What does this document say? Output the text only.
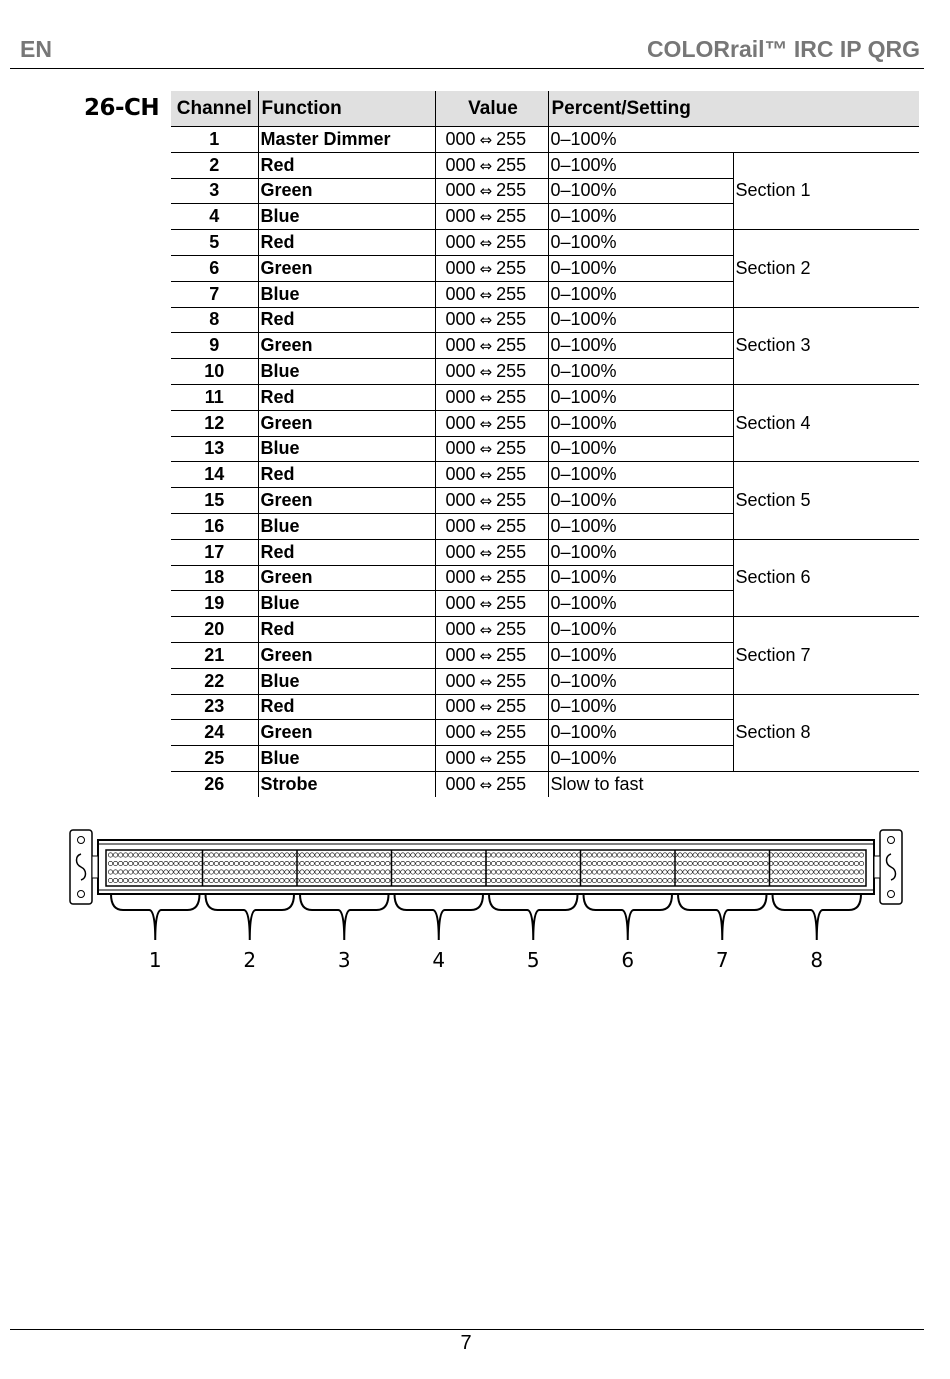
EN	COLORrail™ IRC IP QRG
26-CH Channel	Function	Value	Percent/Setting	
1	Master Dimmer	000 ⇔ 255	0–100%	
2	Red	000 ⇔ 255	0–100%	Section 1
3	Green	000 ⇔ 255	0–100%	
4	Blue	000 ⇔ 255	0–100%	
5	Red	000 ⇔ 255	0–100%	Section 2
6	Green	000 ⇔ 255	0–100%	
7	Blue	000 ⇔ 255	0–100%	
8	Red	000 ⇔ 255	0–100%	Section 3
9	Green	000 ⇔ 255	0–100%	
10	Blue	000 ⇔ 255	0–100%	
11	Red	000 ⇔ 255	0–100%	Section 4
12	Green	000 ⇔ 255	0–100%	
13	Blue	000 ⇔ 255	0–100%	
14	Red	000 ⇔ 255	0–100%	Section 5
15	Green	000 ⇔ 255	0–100%	
16	Blue	000 ⇔ 255	0–100%	
17	Red	000 ⇔ 255	0–100%	Section 6
18	Green	000 ⇔ 255	0–100%	
19	Blue	000 ⇔ 255	0–100%	
20	Red	000 ⇔ 255	0–100%	Section 7
21	Green	000 ⇔ 255	0–100%	
22	Blue	000 ⇔ 255	0–100%	
23	Red	000 ⇔ 255	0–100%	Section 8
24	Green	000 ⇔ 255	0–100%	
25	Blue	000 ⇔ 255	0–100%	
26	Strobe	000 ⇔ 255	Slow to fast	
1	2	3	4	5	6	7	8
7
